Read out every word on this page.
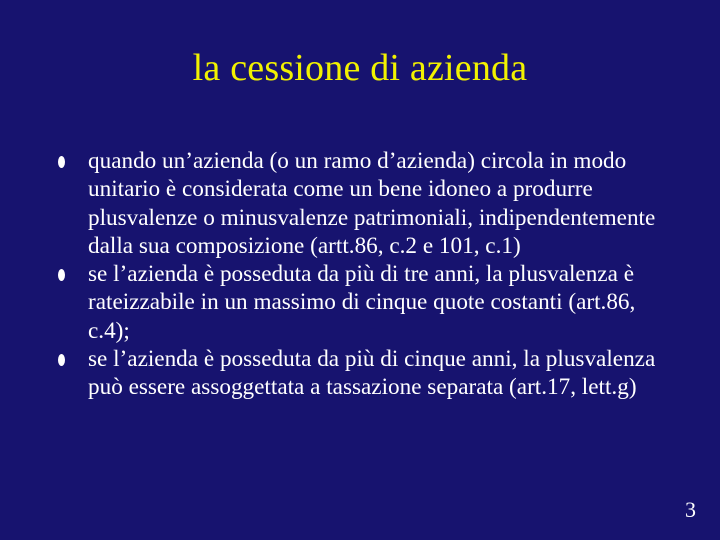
la cessione di azienda
quando un’azienda (o un ramo d’azienda) circola in modo unitario è considerata come un bene idoneo a produrre plusvalenze o minusvalenze patrimoniali, indipendentemente dalla sua composizione (artt.86, c.2 e 101, c.1)
se l’azienda è posseduta da più di tre anni, la plusvalenza è rateizzabile in un massimo di cinque quote costanti (art.86, c.4);
se l’azienda è posseduta da più di cinque anni, la plusvalenza può essere assoggettata a tassazione separata (art.17, lett.g)
3
